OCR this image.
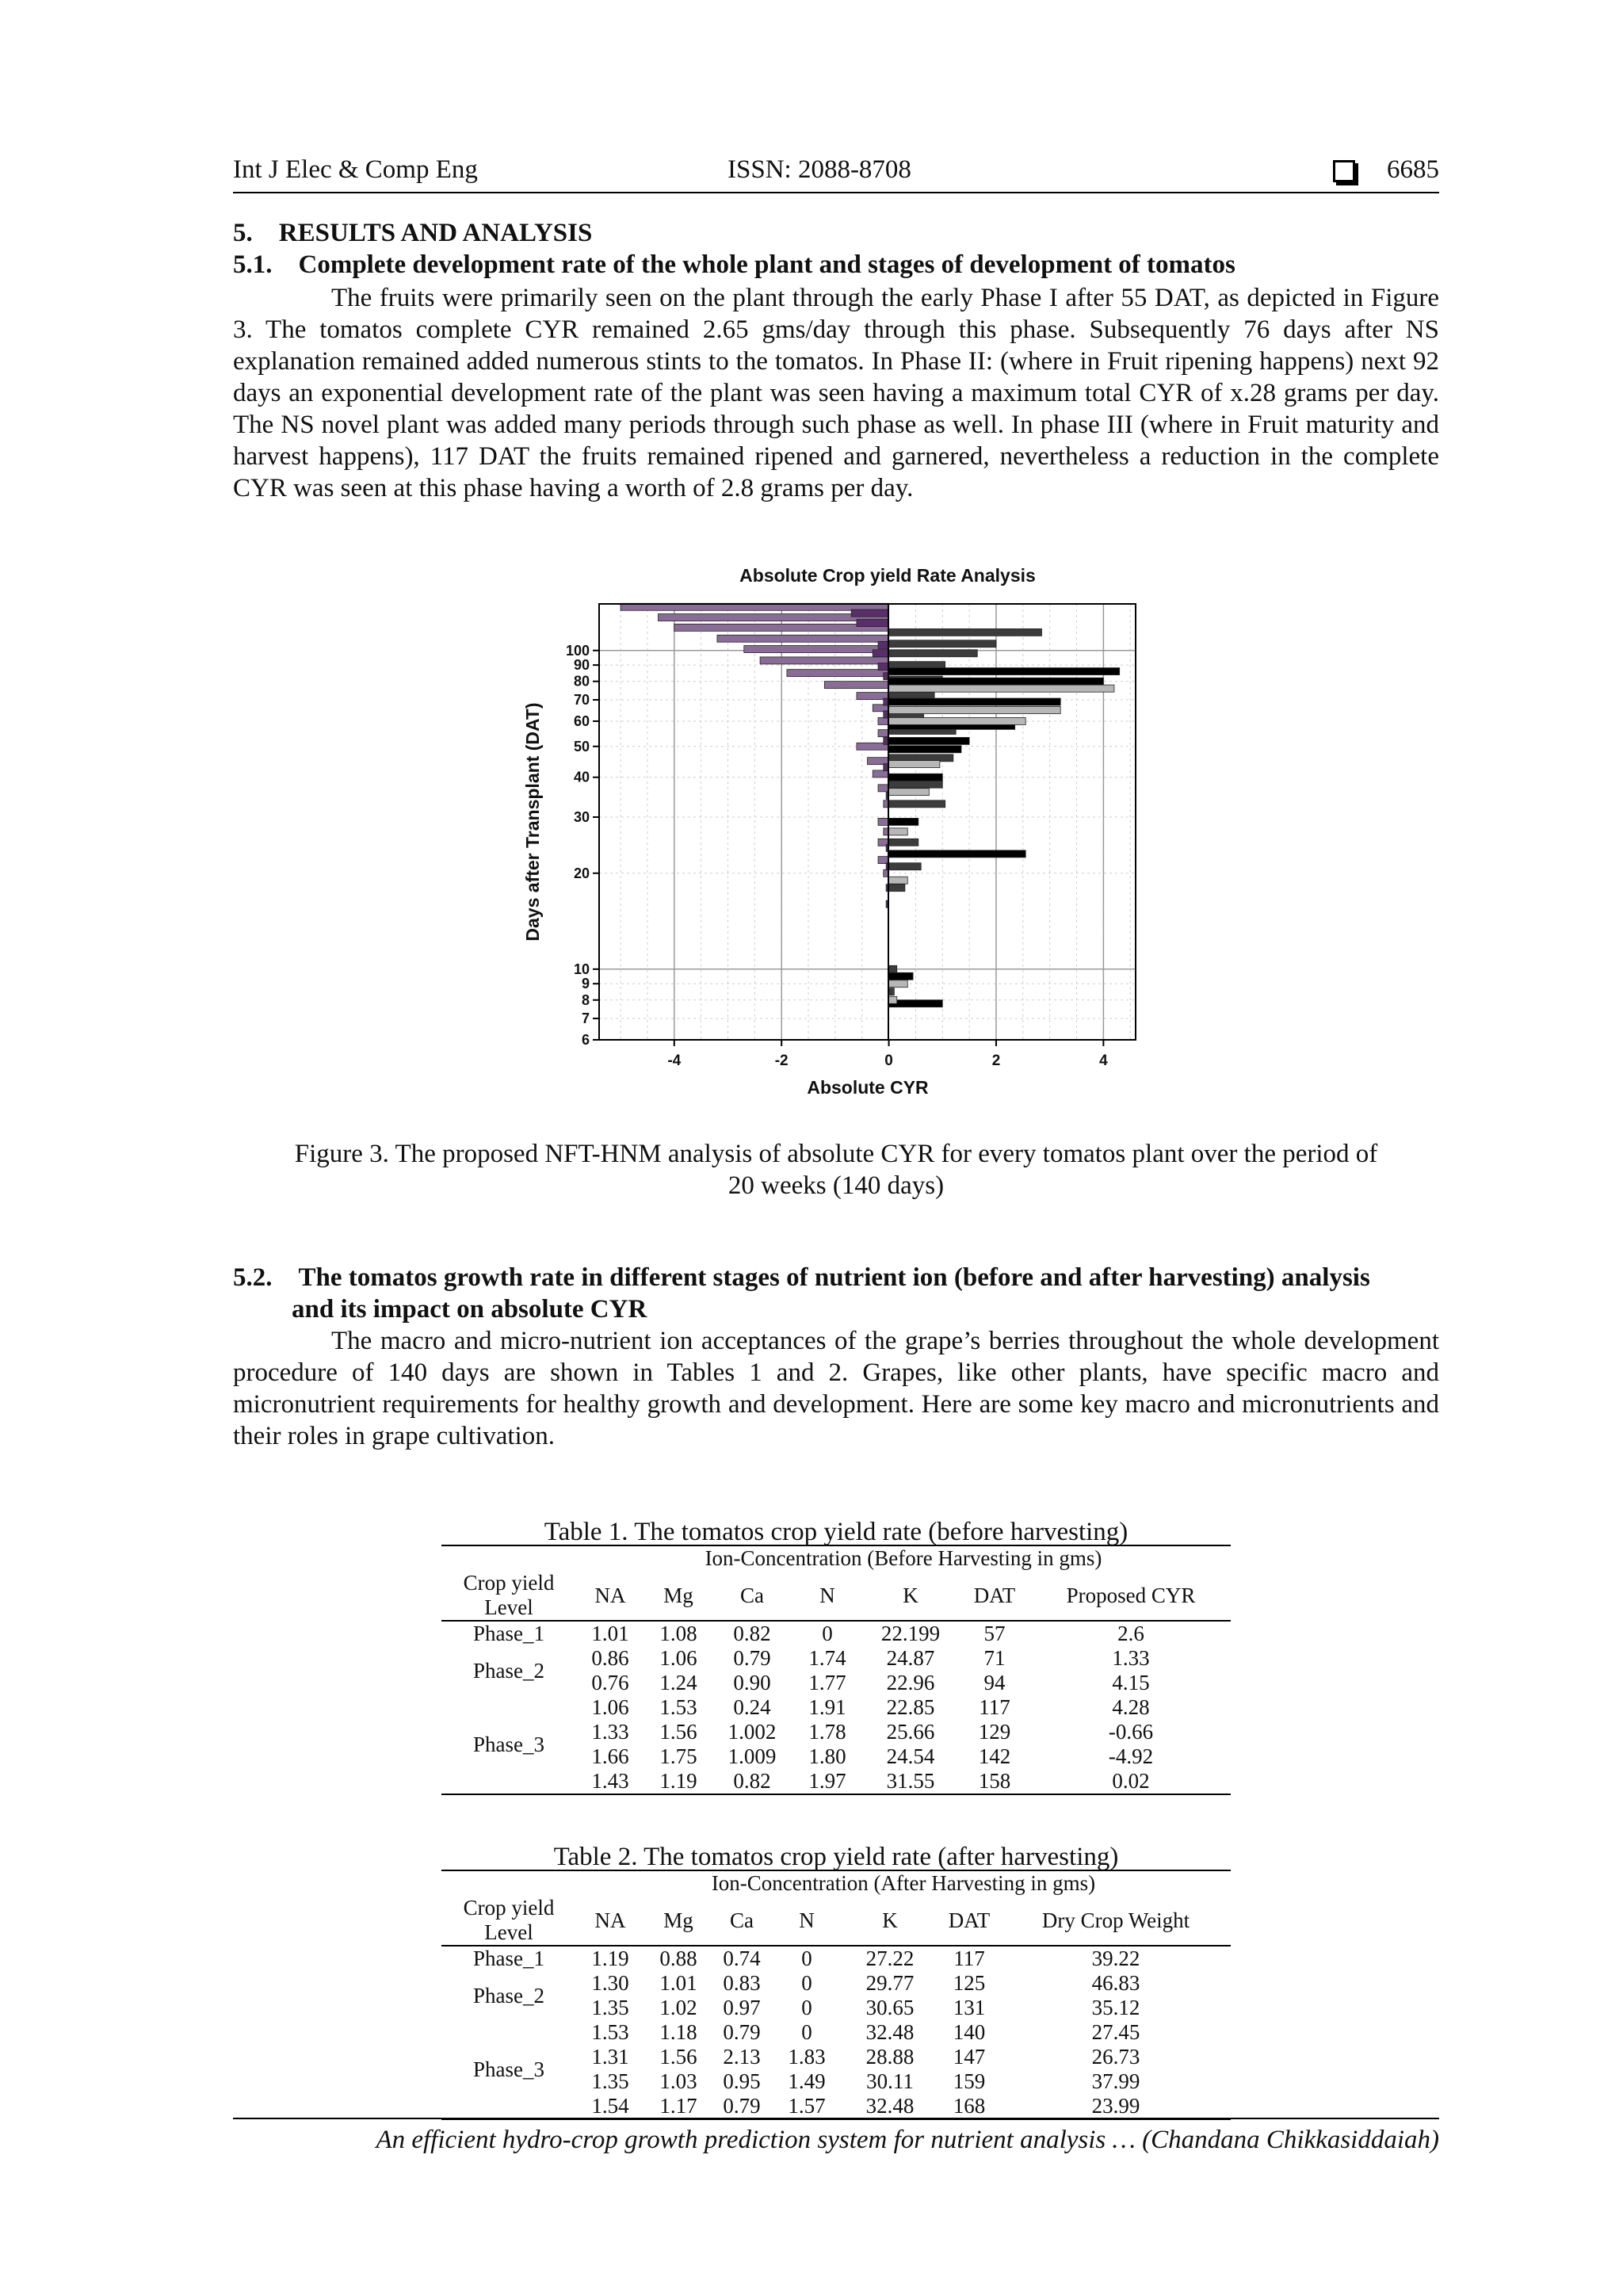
Int J Elec & Comp Eng	ISSN: 2088-8708	6685
5. RESULTS AND ANALYSIS
5.1. Complete development rate of the whole plant and stages of development of tomatos
The fruits were primarily seen on the plant through the early Phase I after 55 DAT, as depicted in Figure 3. The tomatos complete CYR remained 2.65 gms/day through this phase. Subsequently 76 days after NS explanation remained added numerous stints to the tomatos. In Phase II: (where in Fruit ripening happens) next 92 days an exponential development rate of the plant was seen having a maximum total CYR of x.28 grams per day. The NS novel plant was added many periods through such phase as well. In phase III (where in Fruit maturity and harvest happens), 117 DAT the fruits remained ripened and garnered, nevertheless a reduction in the complete CYR was seen at this phase having a worth of 2.8 grams per day.
Absolute Crop yield Rate Analysis
-4	-2	0	2	4
6
7
8
9
10
20
30
40
50
60
70
80
90
100
Absolute CYR
Days after Transplant (DAT)
Figure 3. The proposed NFT-HNM analysis of absolute CYR for every tomatos plant over the period of
20 weeks (140 days)
5.2. The tomatos growth rate in different stages of nutrient ion (before and after harvesting) analysis
and its impact on absolute CYR
The macro and micro-nutrient ion acceptances of the grape’s berries throughout the whole development procedure of 140 days are shown in Tables 1 and 2. Grapes, like other plants, have specific macro and micronutrient requirements for healthy growth and development. Here are some key macro and micronutrients and their roles in grape cultivation.
Table 1. The tomatos crop yield rate (before harvesting)							
	Ion-Concentration (Before Harvesting in gms)						
Crop yield Level	NA	Mg	Ca	N	K	DAT	Proposed CYR
Phase_1	1.01	1.08	0.82	0	22.199	57	2.6
Phase_2	0.86	1.06	0.79	1.74	24.87	71	1.33
	0.76	1.24	0.90	1.77	22.96	94	4.15
	1.06	1.53	0.24	1.91	22.85	117	4.28
Phase_3	1.33	1.56	1.002	1.78	25.66	129	-0.66
	1.66	1.75	1.009	1.80	24.54	142	-4.92
	1.43	1.19	0.82	1.97	31.55	158	0.02
Table 2. The tomatos crop yield rate (after harvesting)							
	Ion-Concentration (After Harvesting in gms)						
Crop yield Level	NA	Mg	Ca	N	K	DAT	Dry Crop Weight
Phase_1	1.19	0.88	0.74	0	27.22	117	39.22
Phase_2	1.30	1.01	0.83	0	29.77	125	46.83
	1.35	1.02	0.97	0	30.65	131	35.12
	1.53	1.18	0.79	0	32.48	140	27.45
Phase_3	1.31	1.56	2.13	1.83	28.88	147	26.73
	1.35	1.03	0.95	1.49	30.11	159	37.99
	1.54	1.17	0.79	1.57	32.48	168	23.99
An efficient hydro-crop growth prediction system for nutrient analysis … (Chandana Chikkasiddaiah)
